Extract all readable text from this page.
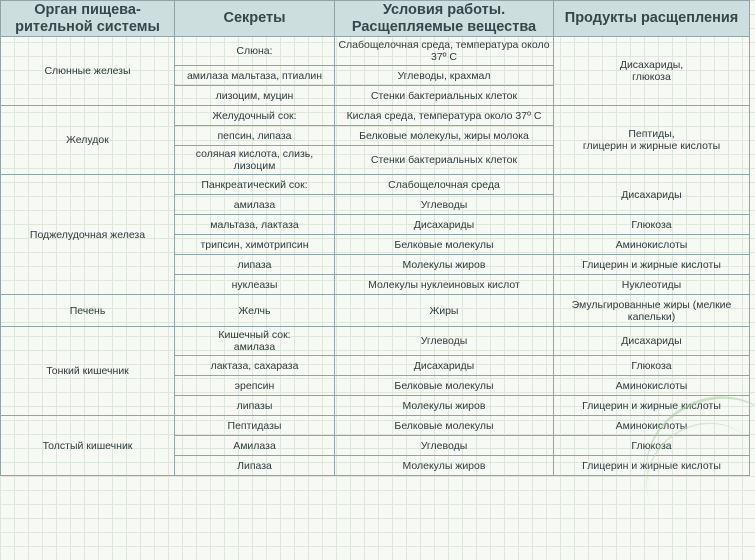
Орган пищева-
рительной системы	Секреты	Условия работы.
Расщепляемые вещества	Продукты расщепления
Слюнные железы	Слюна:	Слабощелочная среда, температура около 37º С	Дисахариды,
глюкоза
	амилаза мальтаза, птиалин	Углеводы, крахмал	
	лизоцим, муцин	Стенки бактериальных клеток	
Желудок	Желудочный сок:	Кислая среда, температура около 37º С	Пептиды,
глицерин и жирные кислоты
	пепсин, липаза	Белковые молекулы, жиры молока	
	соляная кислота, слизь, лизоцим	Стенки бактериальных клеток	
Поджелудочная железа	Панкреатический сок:	Слабощелочная среда	Дисахариды
	амилаза	Углеводы	
	мальтаза, лактаза	Дисахариды	Глюкоза
	трипсин, химотрипсин	Белковые молекулы	Аминокислоты
	липаза	Молекулы жиров	Глицерин и жирные кислоты
	нуклеазы	Молекулы нуклеиновых кислот	Нуклеотиды
Печень	Желчь	Жиры	Эмульгированные жиры (мелкие капельки)
Тонкий кишечник	Кишечный сок:
амилаза	Углеводы	Дисахариды
	лактаза, сахараза	Дисахариды	Глюкоза
	эрепсин	Белковые молекулы	Аминокислоты
	липазы	Молекулы жиров	Глицерин и жирные кислоты
Толстый кишечник	Пептидазы	Белковые молекулы	Аминокислоты
	Амилаза	Углеводы	Глюкоза
	Липаза	Молекулы жиров	Глицерин и жирные кислоты
